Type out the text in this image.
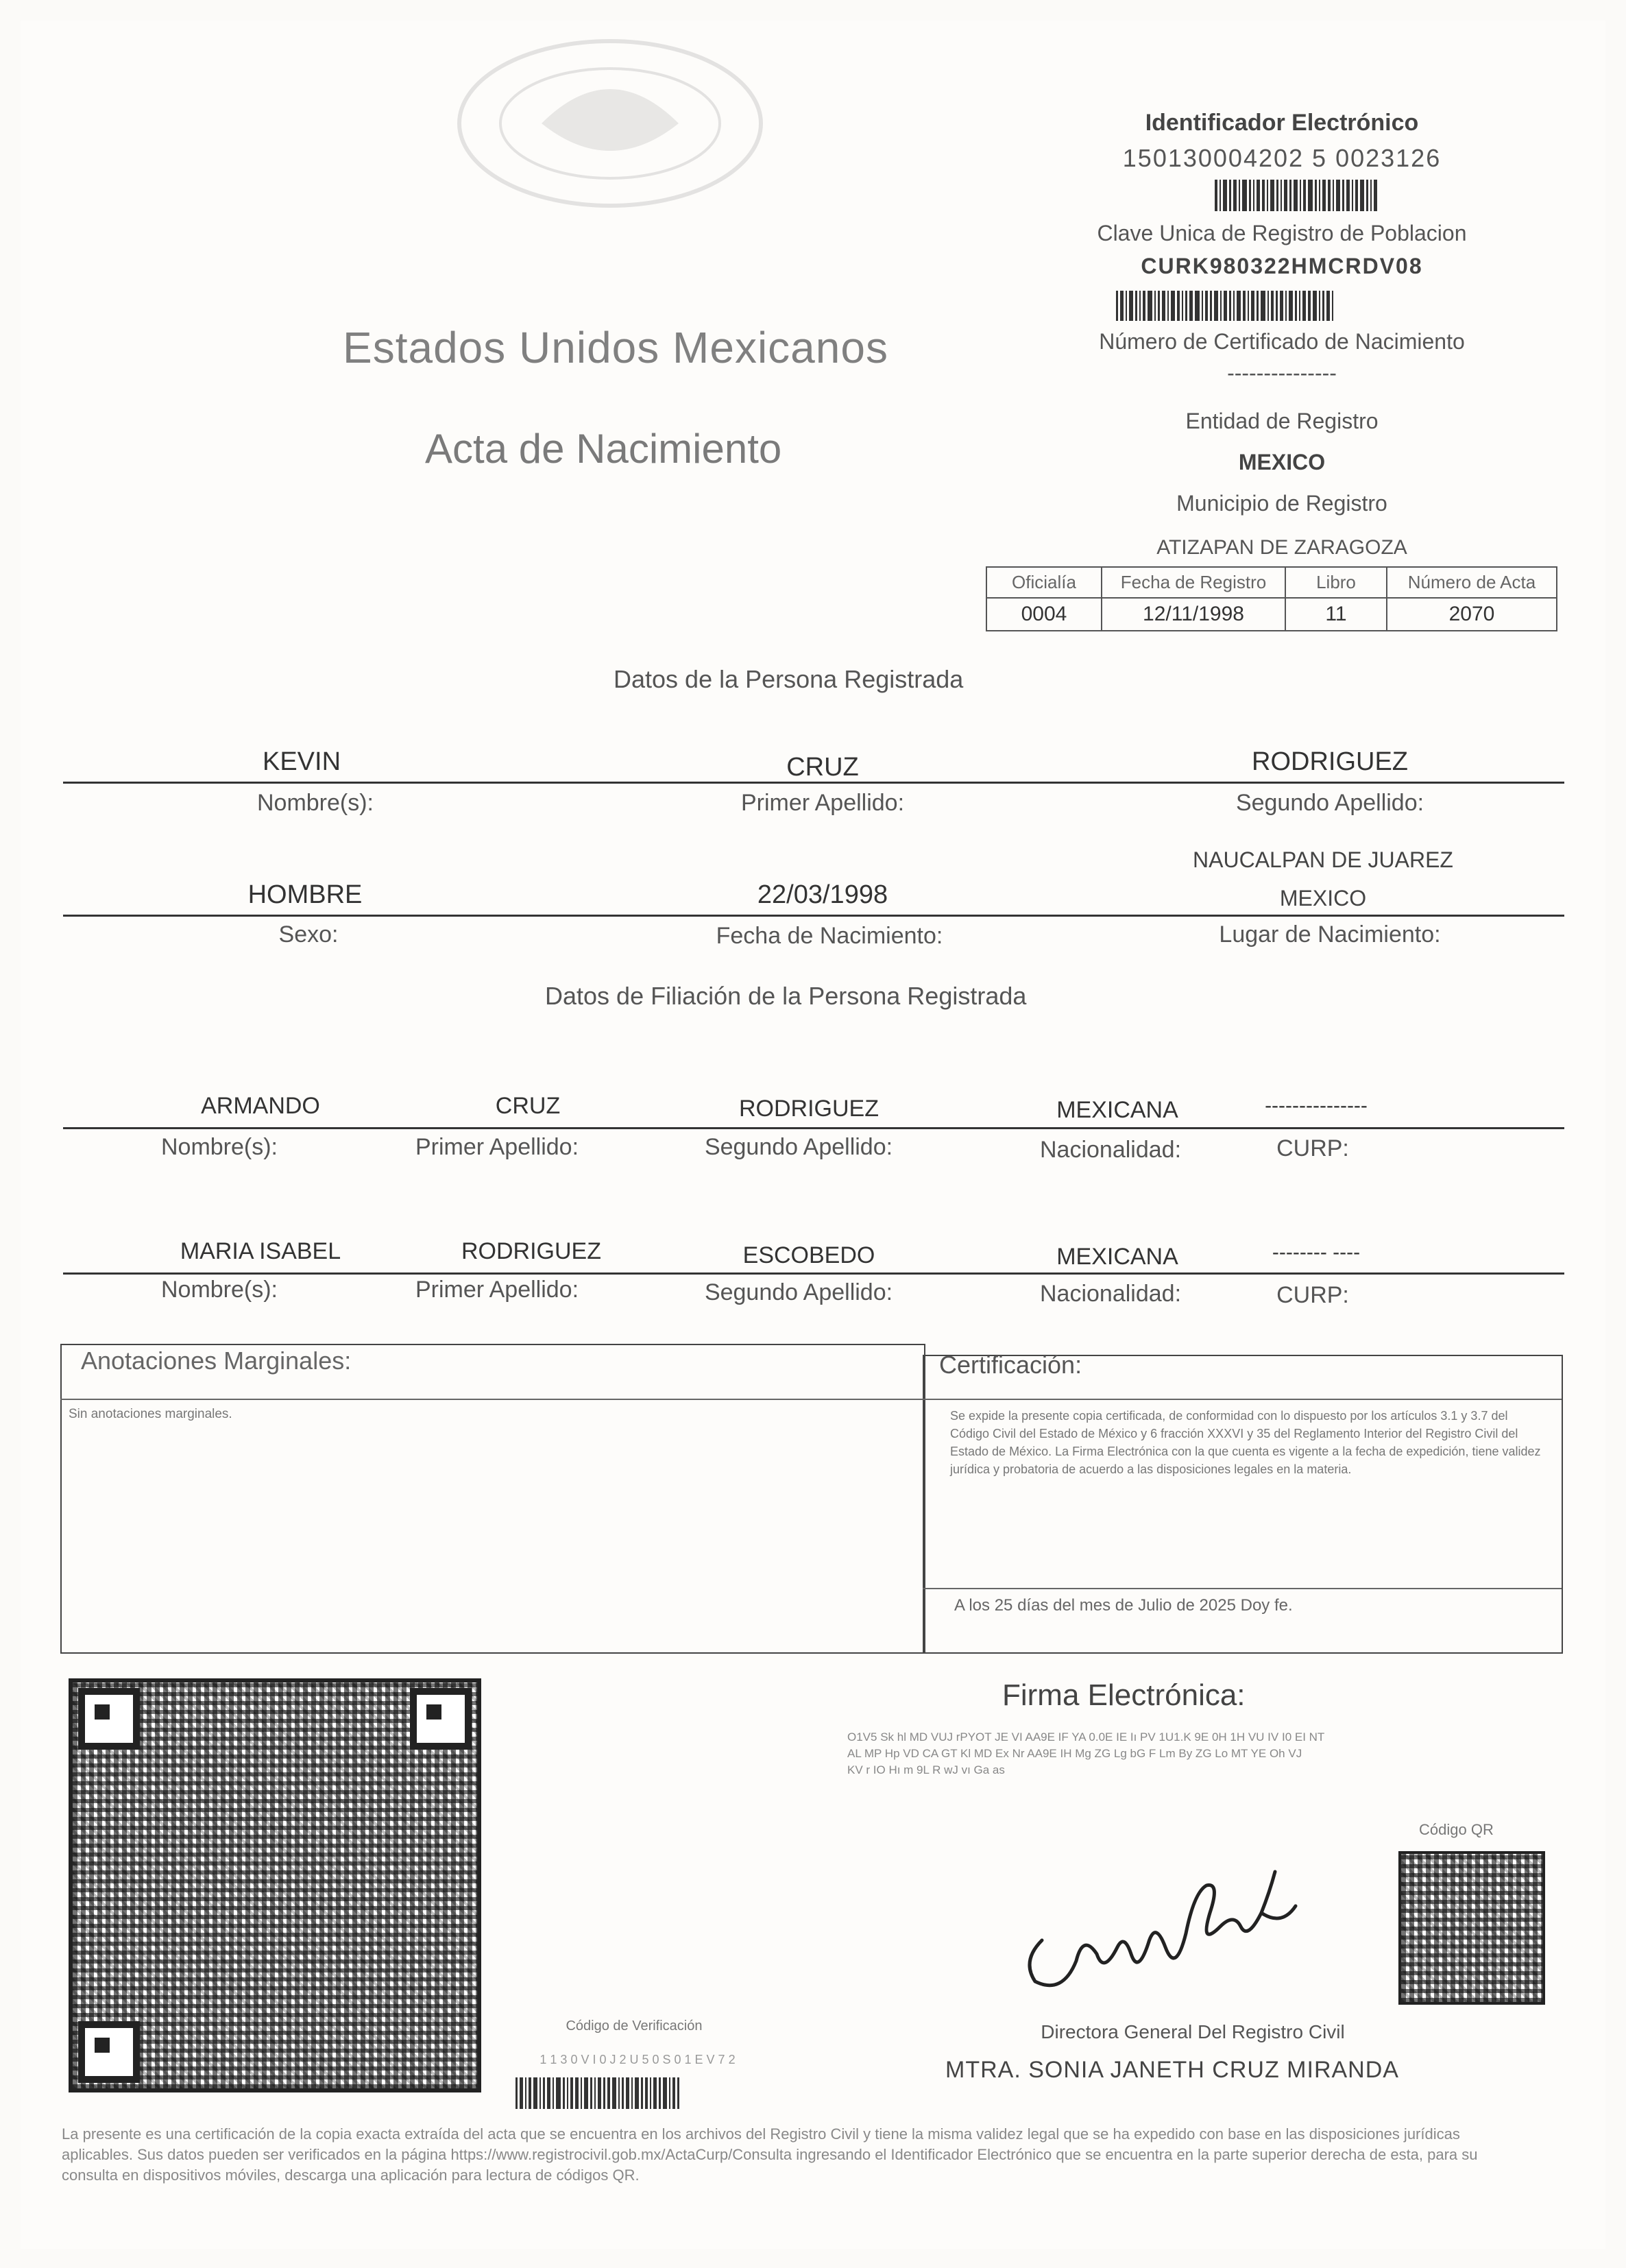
Identificador Electrónico
150130004202 5 0023126
Clave Unica de Registro de Poblacion
CURK980322HMCRDV08
Número de Certificado de Nacimiento
---------------
Entidad de Registro
MEXICO
Municipio de Registro
ATIZAPAN DE ZARAGOZA
Estados Unidos Mexicanos
Acta de Nacimiento
Oficialía	Fecha de Registro	Libro	Número de Acta
0004	12/11/1998	11	2070
Datos de la Persona Registrada
KEVIN	CRUZ	RODRIGUEZ
Nombre(s):	Primer Apellido:	Segundo Apellido:
NAUCALPAN DE JUAREZ
HOMBRE	22/03/1998	MEXICO
Sexo:	Fecha de Nacimiento:	Lugar de Nacimiento:
Datos de Filiación de la Persona Registrada
ARMANDO	CRUZ	RODRIGUEZ	MEXICANA	---------------
Nombre(s):	Primer Apellido:	Segundo Apellido:	Nacionalidad:	CURP:
MARIA ISABEL	RODRIGUEZ	ESCOBEDO	MEXICANA	-------- ----
Nombre(s):	Primer Apellido:	Segundo Apellido:	Nacionalidad:	CURP:
Anotaciones Marginales:
Sin anotaciones marginales.
Certificación:
Se expide la presente copia certificada, de conformidad con lo dispuesto por los artículos 3.1 y 3.7 del Código Civil del Estado de México y 6 fracción XXXVI y 35 del Reglamento Interior del Registro Civil del Estado de México. La Firma Electrónica con la que cuenta es vigente a la fecha de expedición, tiene validez jurídica y probatoria de acuerdo a las disposiciones legales en la materia.
A los 25 días del mes de Julio de 2025 Doy fe.
Código de Verificación
1 1 3 0 V I 0 J 2 U 5 0 S 0 1 E V 7 2
Firma Electrónica:
O1V5 Sk hl MD VUJ rPYOT JE VI AA9E IF YA 0.0E IE Iı PV 1U1.K 9E 0H 1H VU IV I0 EI NT
AL MP Hp VD CA GT Kl MD Ex Nr AA9E IH Mg ZG Lg bG F Lm By ZG Lo MT YE Oh VJ
KV r IO Hı m 9L R wJ vı Ga as
Código QR
Directora General Del Registro Civil
MTRA. SONIA JANETH CRUZ MIRANDA
La presente es una certificación de la copia exacta extraída del acta que se encuentra en los archivos del Registro Civil y tiene la misma validez legal que se ha expedido con base en las disposiciones jurídicas aplicables. Sus datos pueden ser verificados en la página https://www.registrocivil.gob.mx/ActaCurp/Consulta ingresando el Identificador Electrónico que se encuentra en la parte superior derecha de esta, para su consulta en dispositivos móviles, descarga una aplicación para lectura de códigos QR.
